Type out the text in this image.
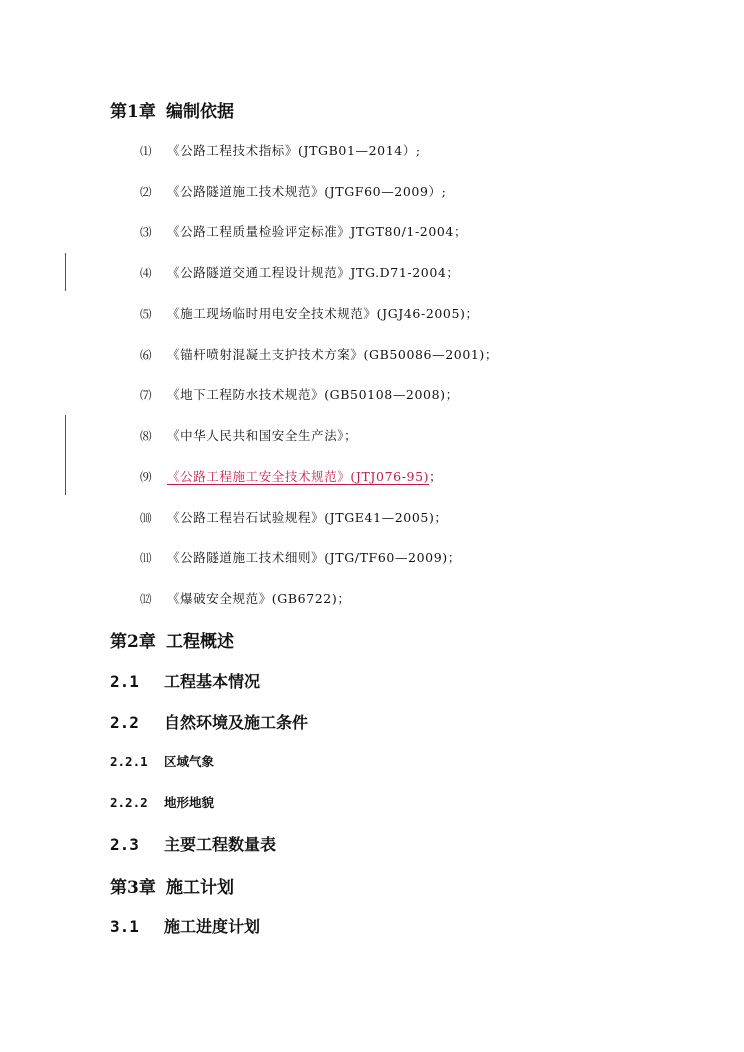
第1章 编制依据
⑴ 《公路工程技术指标》(JTGB01—2014）;
⑵ 《公路隧道施工技术规范》(JTGF60—2009）;
⑶ 《公路工程质量检验评定标准》JTGT80/1-2004；
⑷ 《公路隧道交通工程设计规范》JTG.D71-2004；
⑸ 《施工现场临时用电安全技术规范》(JGJ46-2005)；
⑹ 《锚杆喷射混凝土支护技术方案》(GB50086—2001)；
⑺ 《地下工程防水技术规范》(GB50108—2008)；
⑻ 《中华人民共和国安全生产法》；
⑼ 《公路工程施工安全技术规范》(JTJ076-95)；
⑽ 《公路工程岩石试验规程》(JTGE41—2005)；
⑾ 《公路隧道施工技术细则》(JTG/TF60—2009)；
⑿ 《爆破安全规范》(GB6722)；
第2章 工程概述
2.1 工程基本情况
2.2 自然环境及施工条件
2.2.1 区域气象
2.2.2 地形地貌
2.3 主要工程数量表
第3章 施工计划
3.1 施工进度计划
